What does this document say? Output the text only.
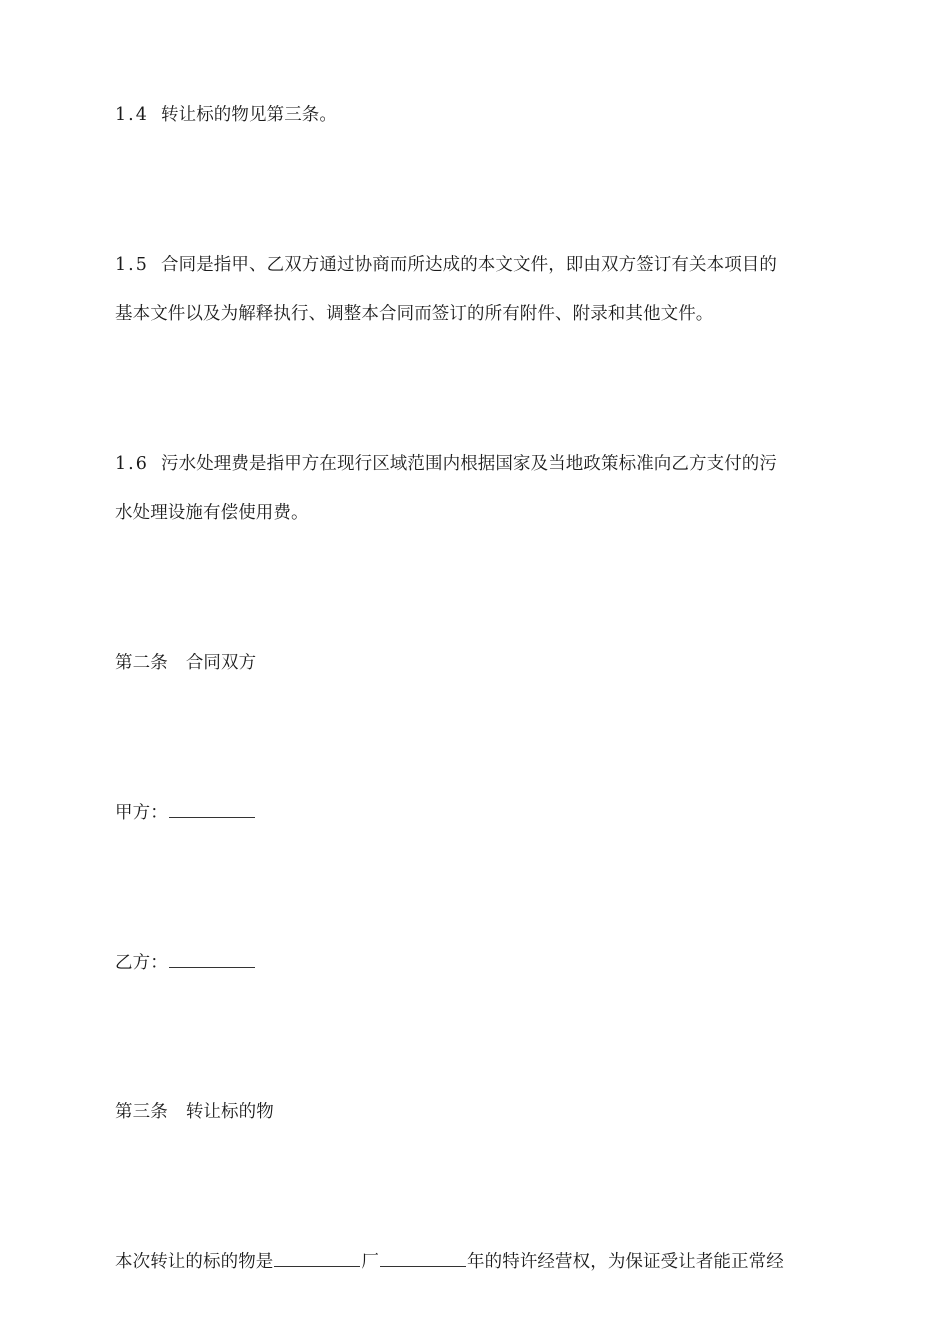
1.4 转让标的物见第三条。
1.5 合同是指甲、乙双方通过协商而所达成的本文文件，即由双方签订有关本项目的
基本文件以及为解释执行、调整本合同而签订的所有附件、附录和其他文件。
1.6 污水处理费是指甲方在现行区域范围内根据国家及当地政策标准向乙方支付的污
水处理设施有偿使用费。
第二条 合同双方
甲方：
乙方：
第三条 转让标的物
本次转让的标的物是	厂	年的特许经营权，为保证受让者能正常经
